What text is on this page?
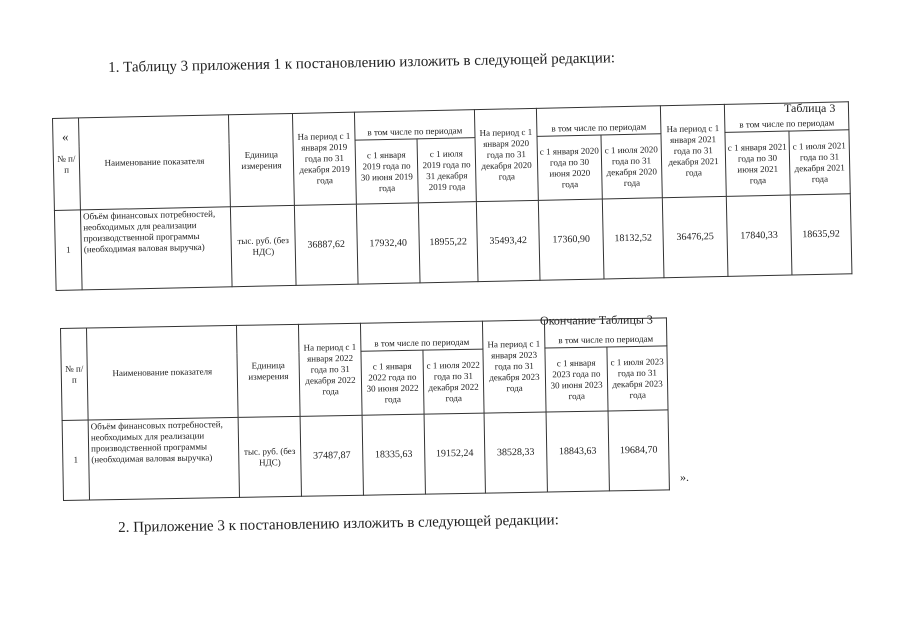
1. Таблицу 3 приложения 1 к постановлению изложить в следующей редакции:
Таблица 3
«
№ п/п	Наименование показателя	Единица измерения	На период с 1 января 2019 года по 31 декабря 2019 года	в том числе по периодам		На период с 1 января 2020 года по 31 декабря 2020 года	в том числе по периодам		На период с 1 января 2021 года по 31 декабря 2021 года	в том числе по периодам	
				с 1 января 2019 года по 30 июня 2019 года	с 1 июля 2019 года по 31 декабря 2019 года		с 1 января 2020 года по 30 июня 2020 года	с 1 июля 2020 года по 31 декабря 2020 года		с 1 января 2021 года по 30 июня 2021 года	с 1 июля 2021 года по 31 декабря 2021 года
1	Объём финансовых потребностей, необходимых для реализации производственной программы (необходимая валовая выручка)	тыс. руб. (без НДС)	36887,62	17932,40	18955,22	35493,42	17360,90	18132,52	36476,25	17840,33	18635,92
Окончание Таблицы 3
№ п/п	Наименование показателя	Единица измерения	На период с 1 января 2022 года по 31 декабря 2022 года	в том числе по периодам		На период с 1 января 2023 года по 31 декабря 2023 года	в том числе по периодам	
				с 1 января 2022 года по 30 июня 2022 года	с 1 июля 2022 года по 31 декабря 2022 года		с 1 января 2023 года по 30 июня 2023 года	с 1 июля 2023 года по 31 декабря 2023 года
1	Объём финансовых потребностей, необходимых для реализации производственной программы (необходимая валовая выручка)	тыс. руб. (без НДС)	37487,87	18335,63	19152,24	38528,33	18843,63	19684,70
».
2. Приложение 3 к постановлению изложить в следующей редакции:
